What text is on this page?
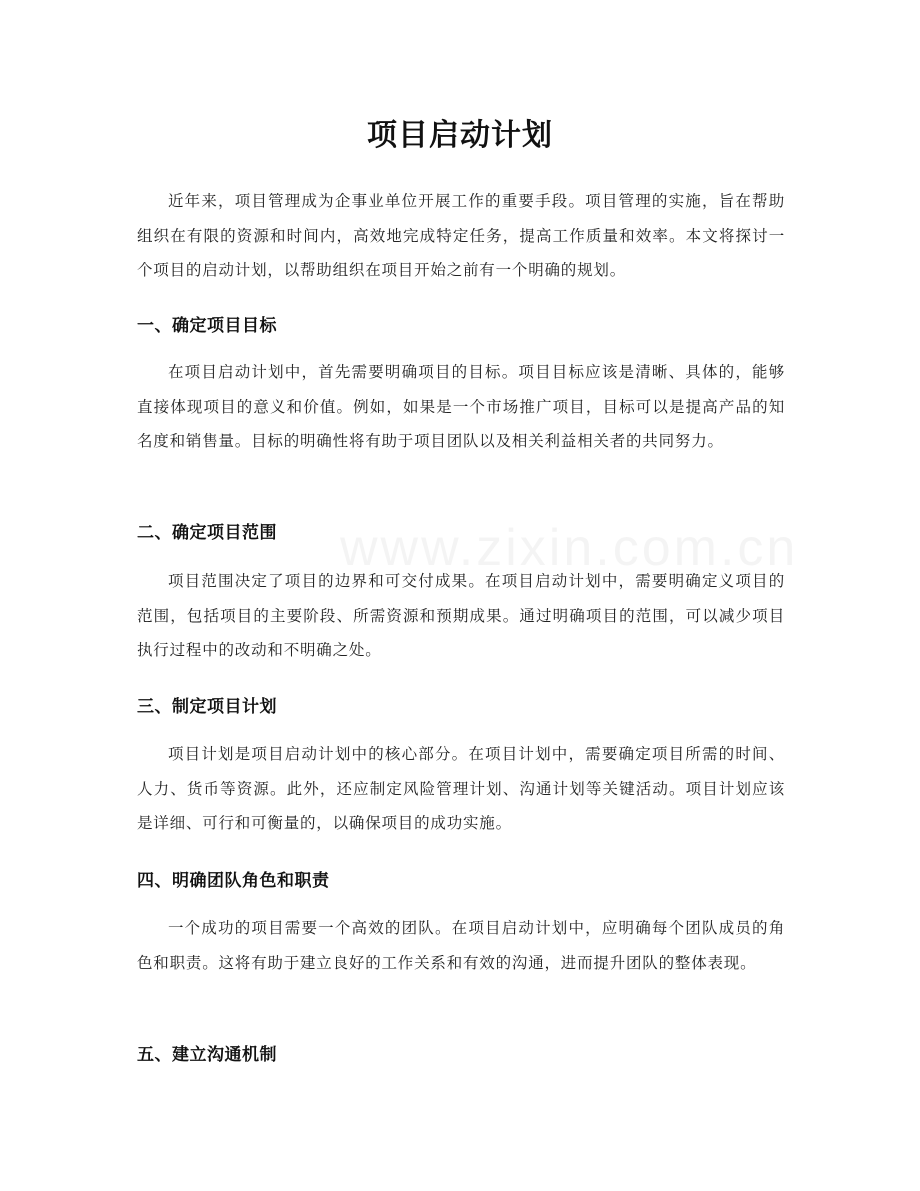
项目启动计划

近年来，项目管理成为企事业单位开展工作的重要手段。项目管理的实施，旨在帮助组织在有限的资源和时间内，高效地完成特定任务，提高工作质量和效率。本文将探讨一个项目的启动计划，以帮助组织在项目开始之前有一个明确的规划。

一、确定项目目标

在项目启动计划中，首先需要明确项目的目标。项目目标应该是清晰、具体的，能够直接体现项目的意义和价值。例如，如果是一个市场推广项目，目标可以是提高产品的知名度和销售量。目标的明确性将有助于项目团队以及相关利益相关者的共同努力。

二、确定项目范围

项目范围决定了项目的边界和可交付成果。在项目启动计划中，需要明确定义项目的范围，包括项目的主要阶段、所需资源和预期成果。通过明确项目的范围，可以减少项目执行过程中的改动和不明确之处。

三、制定项目计划

项目计划是项目启动计划中的核心部分。在项目计划中，需要确定项目所需的时间、人力、货币等资源。此外，还应制定风险管理计划、沟通计划等关键活动。项目计划应该是详细、可行和可衡量的，以确保项目的成功实施。

四、明确团队角色和职责

一个成功的项目需要一个高效的团队。在项目启动计划中，应明确每个团队成员的角色和职责。这将有助于建立良好的工作关系和有效的沟通，进而提升团队的整体表现。

五、建立沟通机制
